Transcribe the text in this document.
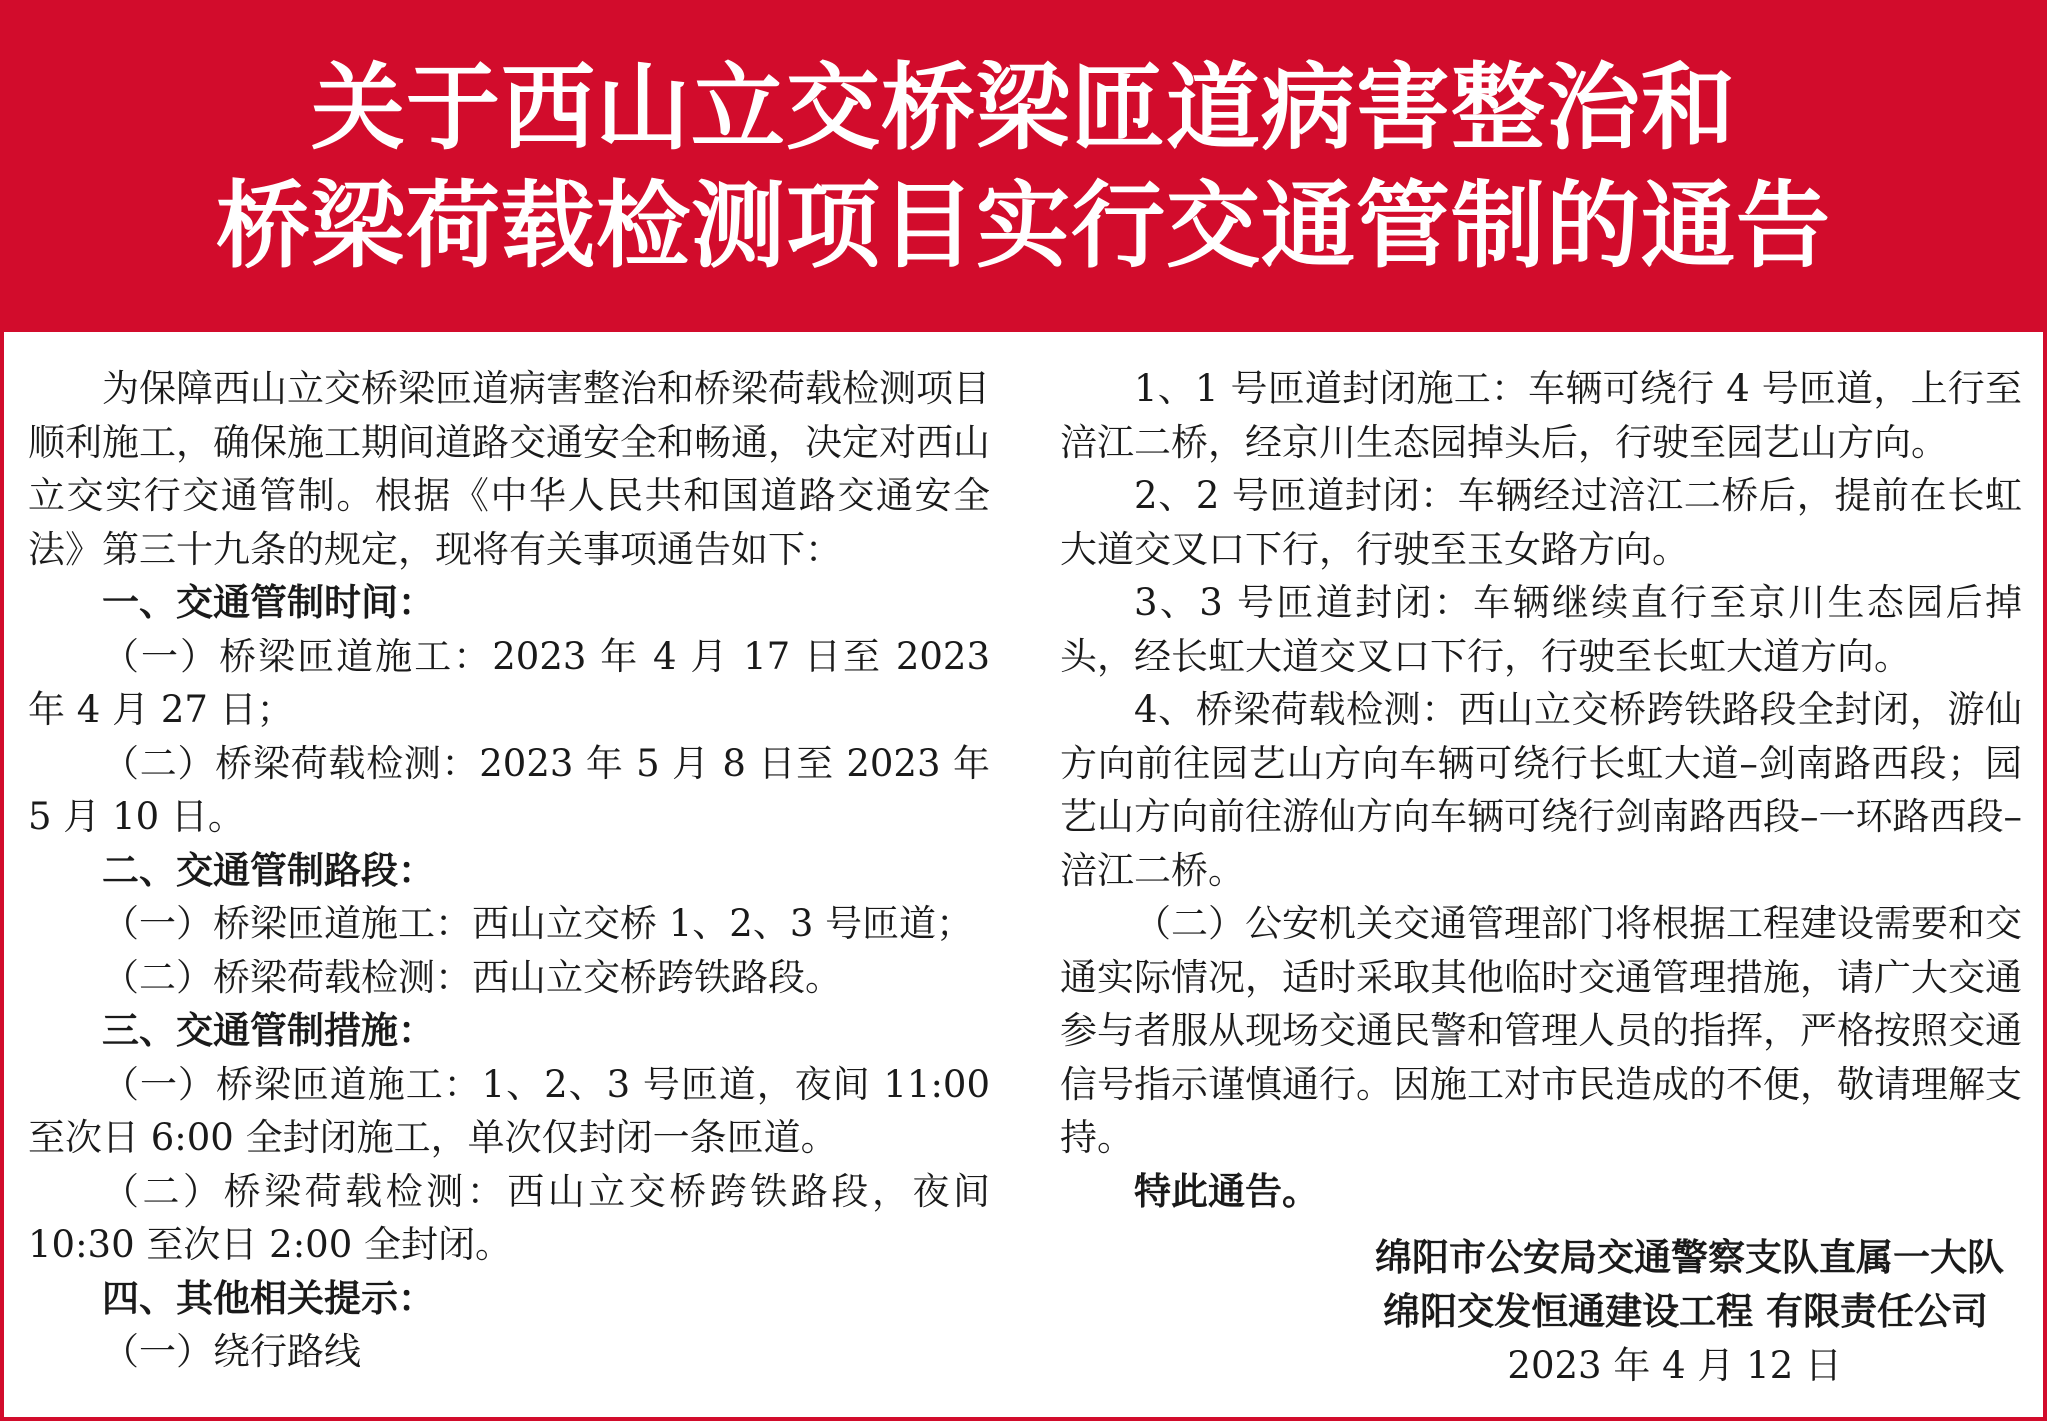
关于西山立交桥梁匝道病害整治和
桥梁荷载检测项目实行交通管制的通告

为保障西山立交桥梁匝道病害整治和桥梁荷载检测项目顺利施工，确保施工期间道路交通安全和畅通，决定对西山立交实行交通管制。根据《中华人民共和国道路交通安全法》第三十九条的规定，现将有关事项通告如下：

一、交通管制时间：

（一）桥梁匝道施工：2023 年 4 月 17 日至 2023 年 4 月 27 日；

（二）桥梁荷载检测：2023 年 5 月 8 日至 2023 年 5 月 10 日。

二、交通管制路段：

（一）桥梁匝道施工：西山立交桥 1、2、3 号匝道；

（二）桥梁荷载检测：西山立交桥跨铁路段。

三、交通管制措施：

（一）桥梁匝道施工：1、2、3 号匝道，夜间 11:00 至次日 6:00 全封闭施工，单次仅封闭一条匝道。

（二）桥梁荷载检测：西山立交桥跨铁路段，夜间 10:30 至次日 2:00 全封闭。

四、其他相关提示：

（一）绕行路线

1、1 号匝道封闭施工：车辆可绕行 4 号匝道，上行至涪江二桥，经京川生态园掉头后，行驶至园艺山方向。

2、2 号匝道封闭：车辆经过涪江二桥后，提前在长虹大道交叉口下行，行驶至玉女路方向。

3、3 号匝道封闭：车辆继续直行至京川生态园后掉头，经长虹大道交叉口下行，行驶至长虹大道方向。

4、桥梁荷载检测：西山立交桥跨铁路段全封闭，游仙方向前往园艺山方向车辆可绕行长虹大道–剑南路西段；园艺山方向前往游仙方向车辆可绕行剑南路西段–一环路西段–涪江二桥。

（二）公安机关交通管理部门将根据工程建设需要和交通实际情况，适时采取其他临时交通管理措施，请广大交通参与者服从现场交通民警和管理人员的指挥，严格按照交通信号指示谨慎通行。因施工对市民造成的不便，敬请理解支持。

特此通告。

绵阳市公安局交通警察支队直属一大队

绵阳交发恒通建设工程 有限责任公司

2023 年 4 月 12 日
